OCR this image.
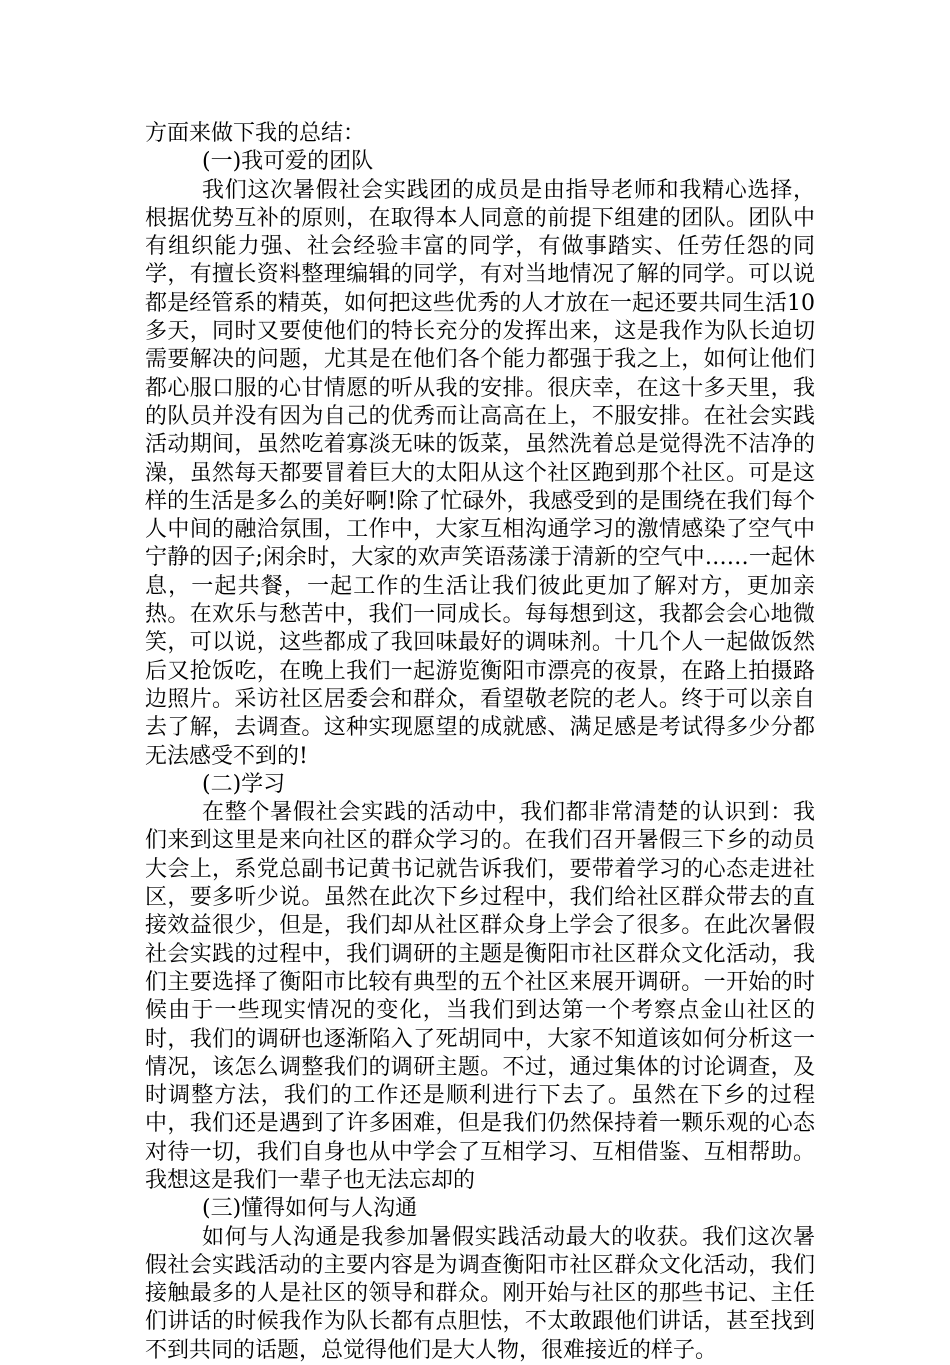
方面来做下我的总结：

(一)我可爱的团队

我们这次暑假社会实践团的成员是由指导老师和我精心选择，根据优势互补的原则，在取得本人同意的前提下组建的团队。团队中有组织能力强、社会经验丰富的同学，有做事踏实、任劳任怨的同学，有擅长资料整理编辑的同学，有对当地情况了解的同学。可以说都是经管系的精英，如何把这些优秀的人才放在一起还要共同生活10多天，同时又要使他们的特长充分的发挥出来，这是我作为队长迫切需要解决的问题，尤其是在他们各个能力都强于我之上，如何让他们都心服口服的心甘情愿的听从我的安排。很庆幸，在这十多天里，我的队员并没有因为自己的优秀而让高高在上，不服安排。在社会实践活动期间，虽然吃着寡淡无味的饭菜，虽然洗着总是觉得洗不洁净的澡，虽然每天都要冒着巨大的太阳从这个社区跑到那个社区。可是这样的生活是多么的美好啊!除了忙碌外，我感受到的是围绕在我们每个人中间的融洽氛围，工作中，大家互相沟通学习的激情感染了空气中宁静的因子;闲余时，大家的欢声笑语荡漾于清新的空气中……一起休息，一起共餐，一起工作的生活让我们彼此更加了解对方，更加亲热。在欢乐与愁苦中，我们一同成长。每每想到这，我都会会心地微笑，可以说，这些都成了我回味最好的调味剂。十几个人一起做饭然后又抢饭吃，在晚上我们一起游览衡阳市漂亮的夜景，在路上拍摄路边照片。采访社区居委会和群众，看望敬老院的老人。终于可以亲自去了解，去调查。这种实现愿望的成就感、满足感是考试得多少分都无法感受不到的!

(二)学习

在整个暑假社会实践的活动中，我们都非常清楚的认识到：我们来到这里是来向社区的群众学习的。在我们召开暑假三下乡的动员大会上，系党总副书记黄书记就告诉我们，要带着学习的心态走进社区，要多听少说。虽然在此次下乡过程中，我们给社区群众带去的直接效益很少，但是，我们却从社区群众身上学会了很多。在此次暑假社会实践的过程中，我们调研的主题是衡阳市社区群众文化活动，我们主要选择了衡阳市比较有典型的五个社区来展开调研。一开始的时候由于一些现实情况的变化，当我们到达第一个考察点金山社区的时，我们的调研也逐渐陷入了死胡同中，大家不知道该如何分析这一情况，该怎么调整我们的调研主题。不过，通过集体的讨论调查，及时调整方法，我们的工作还是顺利进行下去了。虽然在下乡的过程中，我们还是遇到了许多困难，但是我们仍然保持着一颗乐观的心态对待一切，我们自身也从中学会了互相学习、互相借鉴、互相帮助。我想这是我们一辈子也无法忘却的

(三)懂得如何与人沟通

如何与人沟通是我参加暑假实践活动最大的收获。我们这次暑假社会实践活动的主要内容是为调查衡阳市社区群众文化活动，我们接触最多的人是社区的领导和群众。刚开始与社区的那些书记、主任们讲话的时候我作为队长都有点胆怯，不太敢跟他们讲话，甚至找到不到共同的话题，总觉得他们是大人物，很难接近的样子。
